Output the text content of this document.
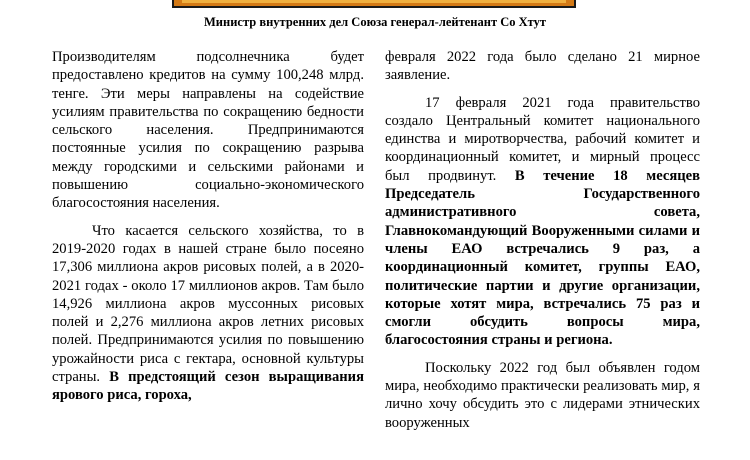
Министр внутренних дел Союза генерал-лейтенант Со Хтут

Производителям подсолнечника будет предоставлено кредитов на сумму 100,248 млрд. тенге. Эти меры направлены на содействие усилиям правительства по сокращению бедности сельского населения. Предпринимаются постоянные усилия по сокращению разрыва между городскими и сельскими районами и повышению социально-экономического благосостояния населения.

Что касается сельского хозяйства, то в 2019-2020 годах в нашей стране было посеяно 17,306 миллиона акров рисовых полей, а в 2020-2021 годах - около 17 миллионов акров. Там было 14,926 миллиона акров муссонных рисовых полей и 2,276 миллиона акров летних рисовых полей. Предпринимаются усилия по повышению урожайности риса с гектара, основной культуры страны. В предстоящий сезон выращивания ярового риса, гороха,

февраля 2022 года было сделано 21 мирное заявление.

17 февраля 2021 года правительство создало Центральный комитет национального единства и миротворчества, рабочий комитет и координационный комитет, и мирный процесс был продвинут. В течение 18 месяцев Председатель Государственного административного совета, Главнокомандующий Вооруженными силами и члены ЕАО встречались 9 раз, а координационный комитет, группы ЕАО, политические партии и другие организации, которые хотят мира, встречались 75 раз и смогли обсудить вопросы мира, благосостояния страны и региона.

Поскольку 2022 год был объявлен годом мира, необходимо практически реализовать мир, я лично хочу обсудить это с лидерами этнических вооруженных
